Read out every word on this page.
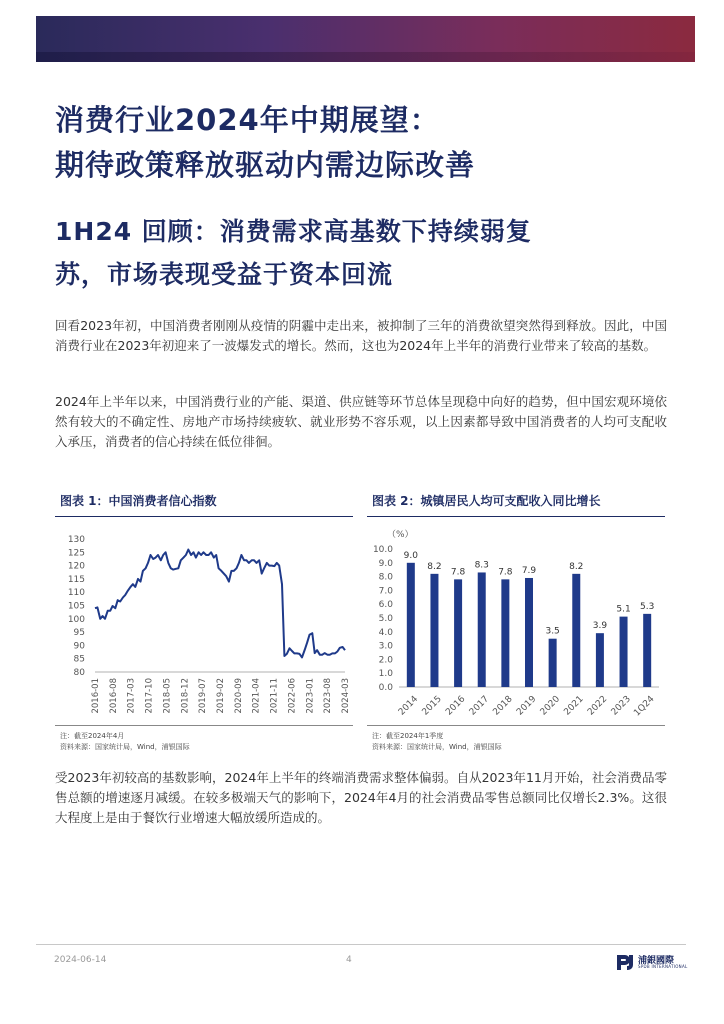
消费行业2024年中期展望：
期待政策释放驱动内需边际改善
1H24 回顾：消费需求高基数下持续弱复
苏，市场表现受益于资本回流
回看2023年初，中国消费者刚刚从疫情的阴霾中走出来，被抑制了三年的消费欲望突然得到释放。因此，中国消费行业在2023年初迎来了一波爆发式的增长。然而，这也为2024年上半年的消费行业带来了较高的基数。
2024年上半年以来，中国消费行业的产能、渠道、供应链等环节总体呈现稳中向好的趋势，但中国宏观环境依然有较大的不确定性、房地产市场持续疲软、就业形势不容乐观，以上因素都导致中国消费者的人均可支配收入承压，消费者的信心持续在低位徘徊。
图表 1：中国消费者信心指数
80
85
90
95
100
105
110
115
120
125
130
2016-01 2016-08 2017-03 2017-10 2018-05 2018-12 2019-07 2019-02 2020-09 2021-04 2021-11 2022-06 2023-01 2023-08 2024-03
注：截至2024年4月
资料来源：国家统计局，Wind，浦银国际
图表 2：城镇居民人均可支配收入同比增长
（%）
0.0
1.0
2.0
3.0
4.0
5.0
6.0
7.0
8.0
9.0
10.0
9.0
2014
8.2
2015
7.8
2016
8.3
2017
7.8
2018
7.9
2019
3.5
2020
8.2
2021
3.9
2022
5.1
2023
5.3
1Q24
注：截至2024年1季度
资料来源：国家统计局，Wind，浦银国际
受2023年初较高的基数影响，2024年上半年的终端消费需求整体偏弱。自从2023年11月开始，社会消费品零售总额的增速逐月减缓。在较多极端天气的影响下，2024年4月的社会消费品零售总额同比仅增长2.3%。这很大程度上是由于餐饮行业增速大幅放缓所造成的。
2024-06-14	4	浦銀國際
SPDB INTERNATIONAL
